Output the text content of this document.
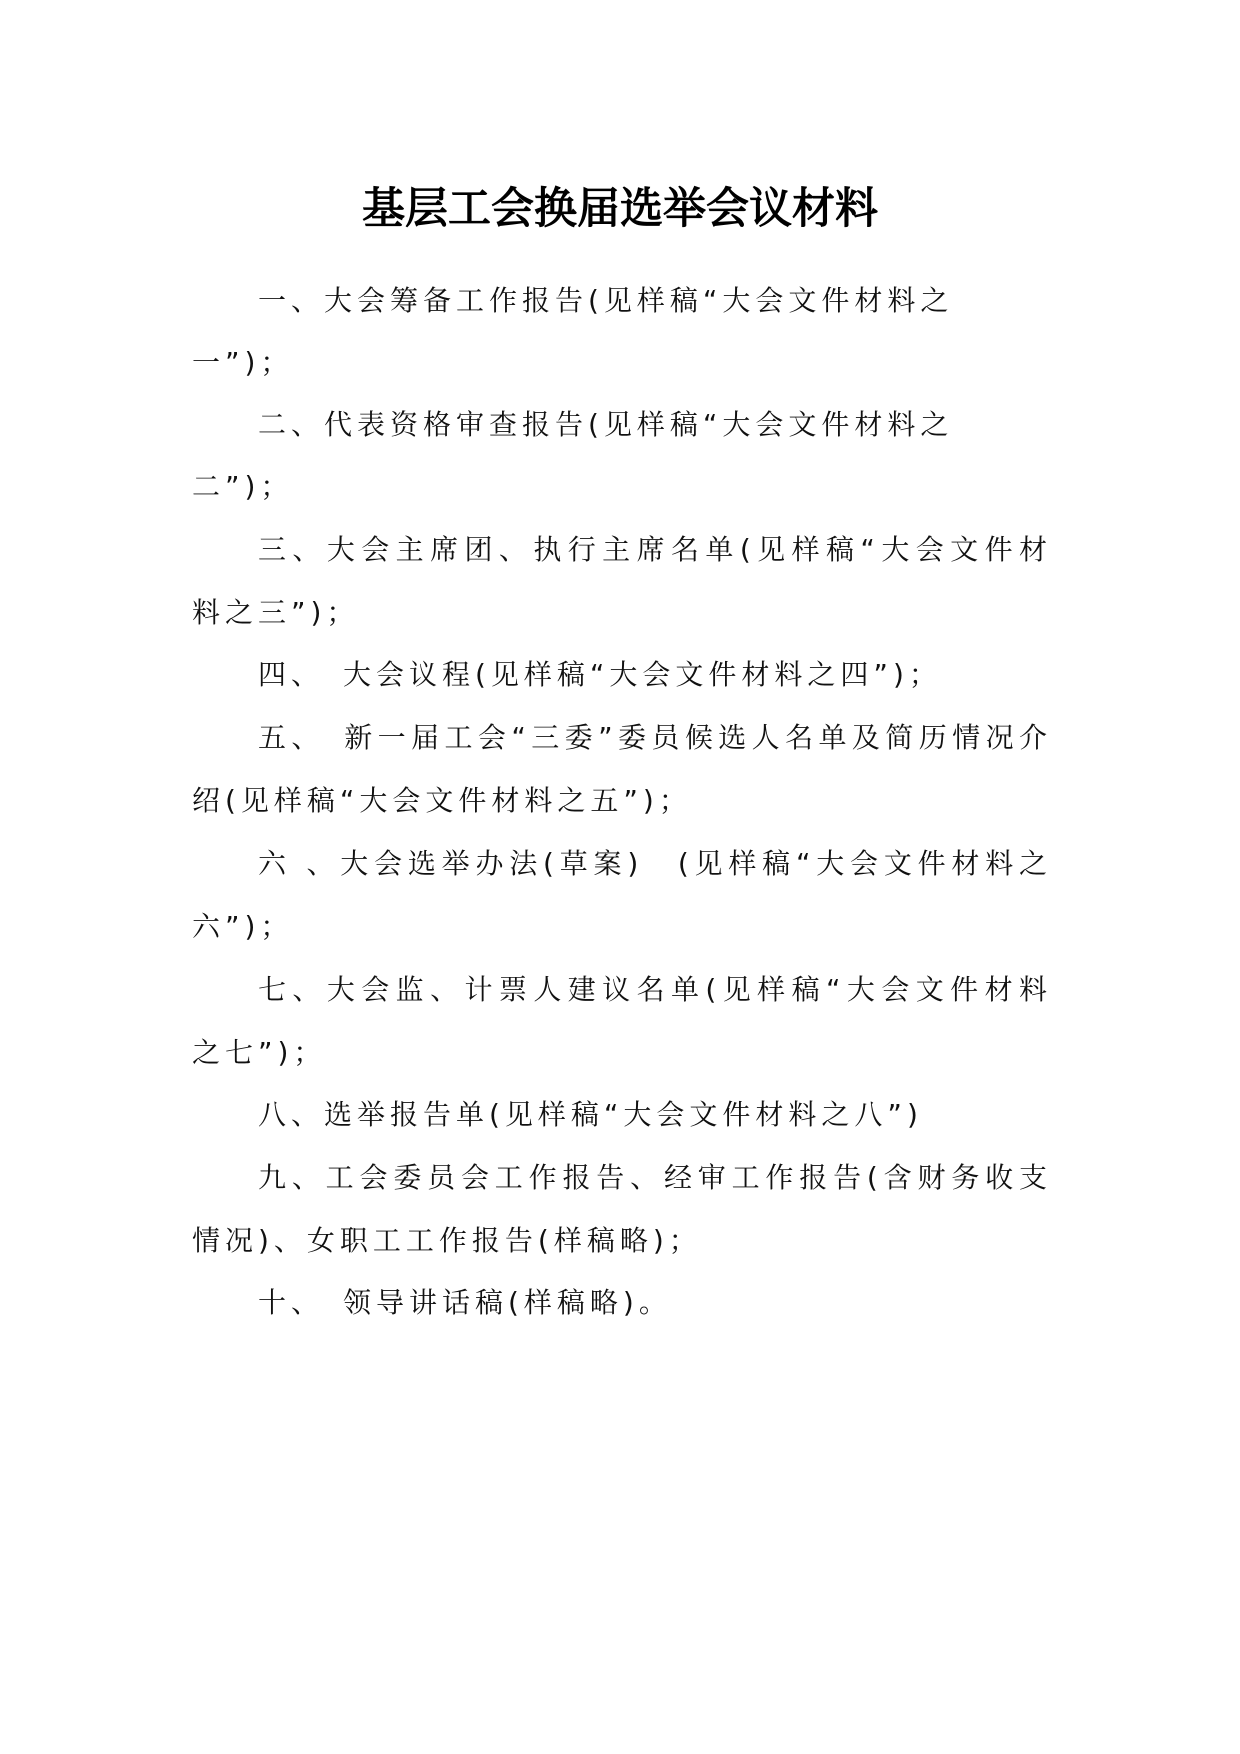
基层工会换届选举会议材料

一、大会筹备工作报告(见样稿“大会文件材料之一”)；

二、代表资格审查报告(见样稿“大会文件材料之二”)；

三、大会主席团、执行主席名单(见样稿“大会文件材料之三”)；

四、　大会议程(见样稿“大会文件材料之四”)；

五、　新一届工会“三委”委员候选人名单及简历情况介绍(见样稿“大会文件材料之五”)；

六 、大会选举办法(草案)　(见样稿“大会文件材料之六”)；

七、大会监、计票人建议名单(见样稿“大会文件材料之七”)；

八、选举报告单(见样稿“大会文件材料之八”)

九、工会委员会工作报告、经审工作报告(含财务收支情况)、女职工工作报告(样稿略)；

十、　领导讲话稿(样稿略)。
